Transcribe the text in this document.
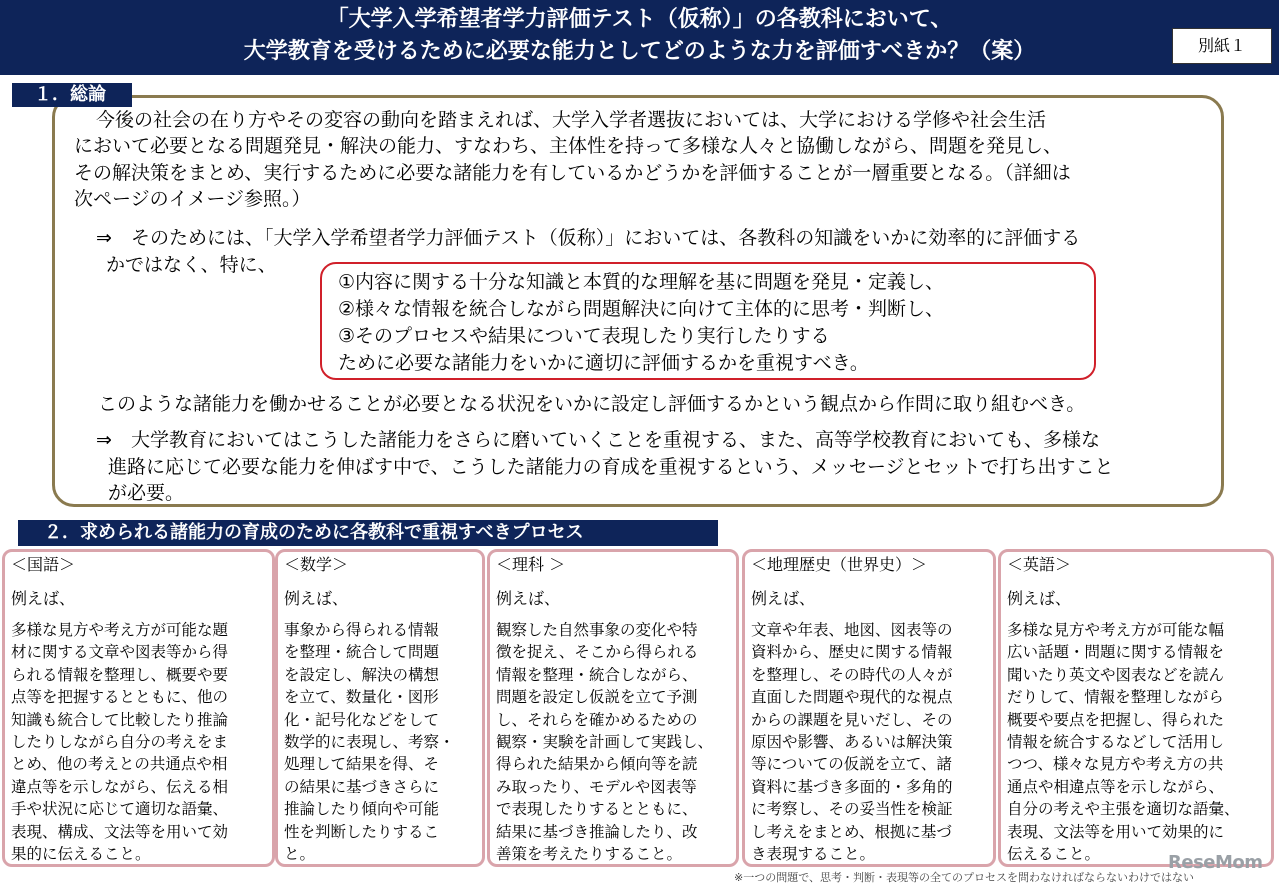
「大学入学希望者学力評価テスト（仮称）」の各教科において、
大学教育を受けるために必要な能力としてどのような力を評価すべきか？（案）	別紙１
１．総論
今後の社会の在り方やその変容の動向を踏まえれば、大学入学者選抜においては、大学における学修や社会生活
において必要となる問題発見・解決の能力、すなわち、主体性を持って多様な人々と協働しながら、問題を発見し、
その解決策をまとめ、実行するために必要な諸能力を有しているかどうかを評価することが一層重要となる。（詳細は
次ページのイメージ参照。）
⇒ そのためには、「大学入学希望者学力評価テスト（仮称）」においては、各教科の知識をいかに効率的に評価する
かではなく、特に、
①内容に関する十分な知識と本質的な理解を基に問題を発見・定義し、
②様々な情報を統合しながら問題解決に向けて主体的に思考・判断し、
③そのプロセスや結果について表現したり実行したりする
ために必要な諸能力をいかに適切に評価するかを重視すべき。
このような諸能力を働かせることが必要となる状況をいかに設定し評価するかという観点から作問に取り組むべき。
⇒ 大学教育においてはこうした諸能力をさらに磨いていくことを重視する、また、高等学校教育においても、多様な
進路に応じて必要な能力を伸ばす中で、こうした諸能力の育成を重視するという、メッセージとセットで打ち出すこと
が必要。
２．求められる諸能力の育成のために各教科で重視すべきプロセス
＜国語＞
例えば、
多様な見方や考え方が可能な題
材に関する文章や図表等から得
られる情報を整理し、概要や要
点等を把握するとともに、他の
知識も統合して比較したり推論
したりしながら自分の考えをま
とめ、他の考えとの共通点や相
違点等を示しながら、伝える相
手や状況に応じて適切な語彙、
表現、構成、文法等を用いて効
果的に伝えること。
＜数学＞
例えば、
事象から得られる情報
を整理・統合して問題
を設定し、解決の構想
を立て、数量化・図形
化・記号化などをして
数学的に表現し、考察・
処理して結果を得、そ
の結果に基づきさらに
推論したり傾向や可能
性を判断したりするこ
と。
＜理科 ＞
例えば、
観察した自然事象の変化や特
徴を捉え、そこから得られる
情報を整理・統合しながら、
問題を設定し仮説を立て予測
し、それらを確かめるための
観察・実験を計画して実践し、
得られた結果から傾向等を読
み取ったり、モデルや図表等
で表現したりするとともに、
結果に基づき推論したり、改
善策を考えたりすること。
＜地理歴史（世界史）＞
例えば、
文章や年表、地図、図表等の
資料から、歴史に関する情報
を整理し、その時代の人々が
直面した問題や現代的な視点
からの課題を見いだし、その
原因や影響、あるいは解決策
等についての仮説を立て、諸
資料に基づき多面的・多角的
に考察し、その妥当性を検証
し考えをまとめ、根拠に基づ
き表現すること。
＜英語＞
例えば、
多様な見方や考え方が可能な幅
広い話題・問題に関する情報を
聞いたり英文や図表などを読ん
だりして、情報を整理しながら
概要や要点を把握し、得られた
情報を統合するなどして活用し
つつ、様々な見方や考え方の共
通点や相違点等を示しながら、
自分の考えや主張を適切な語彙、
表現、文法等を用いて効果的に
伝えること。
※一つの問題で、思考・判断・表現等の全てのプロセスを問わなければならないわけではない
ReseMom
